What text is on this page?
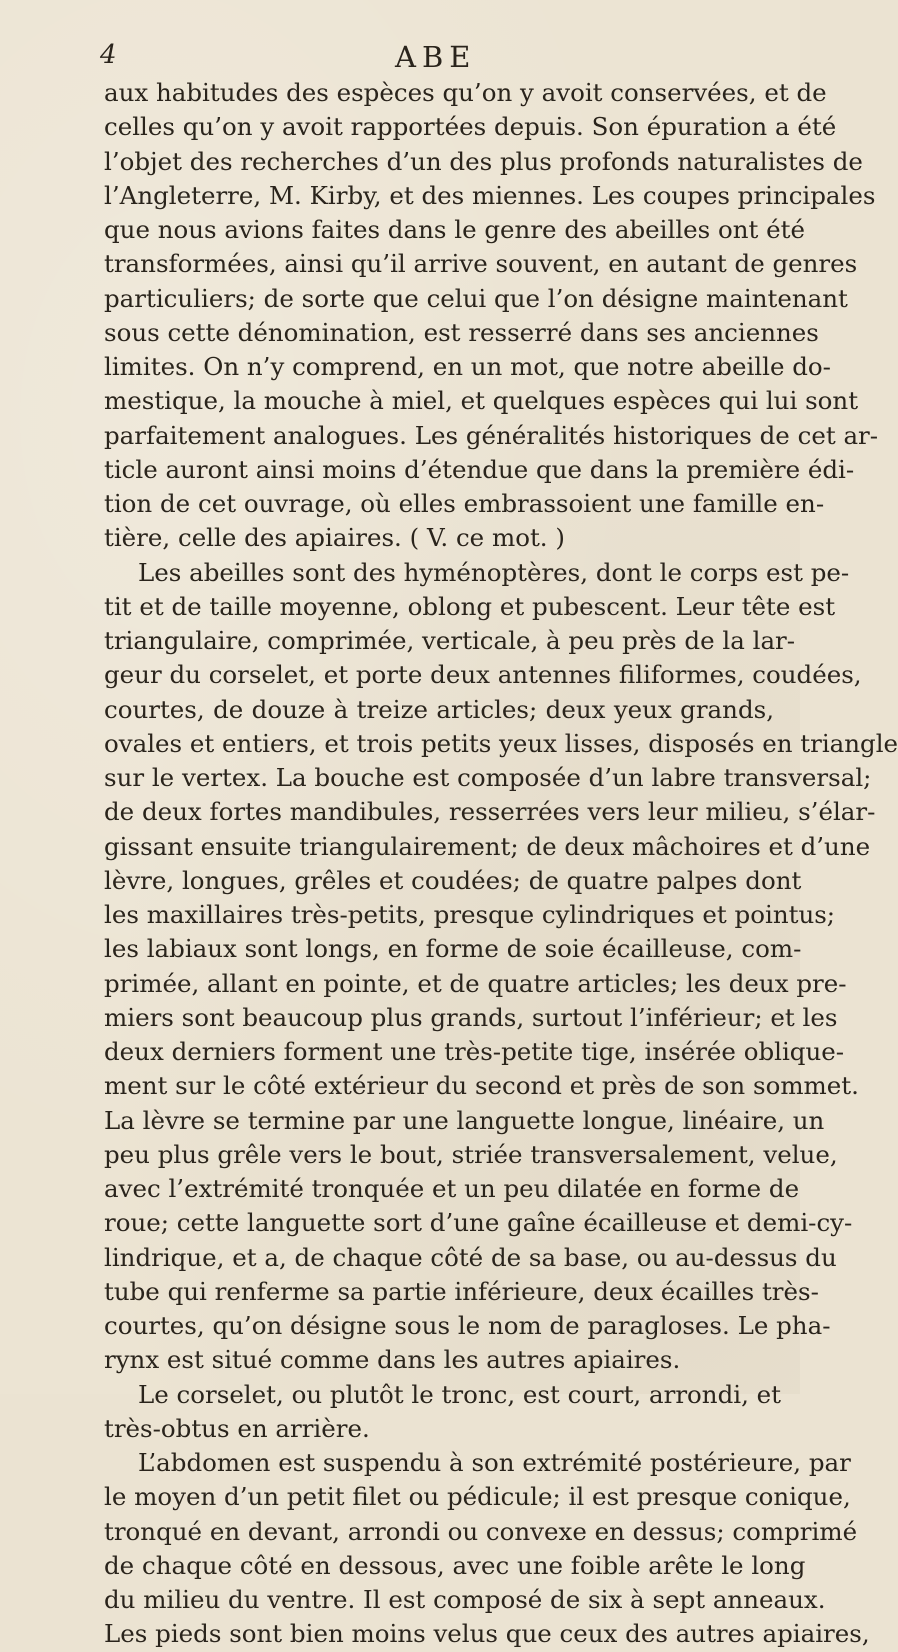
4	ABE
aux habitudes des espèces qu’on y avoit conservées, et de
celles qu’on y avoit rapportées depuis. Son épuration a été
l’objet des recherches d’un des plus profonds naturalistes de
l’Angleterre, M. Kirby, et des miennes. Les coupes principales
que nous avions faites dans le genre des abeilles ont été
transformées, ainsi qu’il arrive souvent, en autant de genres
particuliers; de sorte que celui que l’on désigne maintenant
sous cette dénomination, est resserré dans ses anciennes
limites. On n’y comprend, en un mot, que notre abeille do-
mestique, la mouche à miel, et quelques espèces qui lui sont
parfaitement analogues. Les généralités historiques de cet ar-
ticle auront ainsi moins d’étendue que dans la première édi-
tion de cet ouvrage, où elles embrassoient une famille en-
tière, celle des apiaires. ( V. ce mot. )
Les abeilles sont des hyménoptères, dont le corps est pe-
tit et de taille moyenne, oblong et pubescent. Leur tête est
triangulaire, comprimée, verticale, à peu près de la lar-
geur du corselet, et porte deux antennes filiformes, coudées,
courtes, de douze à treize articles; deux yeux grands,
ovales et entiers, et trois petits yeux lisses, disposés en triangle
sur le vertex. La bouche est composée d’un labre transversal;
de deux fortes mandibules, resserrées vers leur milieu, s’élar-
gissant ensuite triangulairement; de deux mâchoires et d’une
lèvre, longues, grêles et coudées; de quatre palpes dont
les maxillaires très-petits, presque cylindriques et pointus;
les labiaux sont longs, en forme de soie écailleuse, com-
primée, allant en pointe, et de quatre articles; les deux pre-
miers sont beaucoup plus grands, surtout l’inférieur; et les
deux derniers forment une très-petite tige, insérée oblique-
ment sur le côté extérieur du second et près de son sommet.
La lèvre se termine par une languette longue, linéaire, un
peu plus grêle vers le bout, striée transversalement, velue,
avec l’extrémité tronquée et un peu dilatée en forme de
roue; cette languette sort d’une gaîne écailleuse et demi-cy-
lindrique, et a, de chaque côté de sa base, ou au-dessus du
tube qui renferme sa partie inférieure, deux écailles très-
courtes, qu’on désigne sous le nom de paragloses. Le pha-
rynx est situé comme dans les autres apiaires.
Le corselet, ou plutôt le tronc, est court, arrondi, et
très-obtus en arrière.
L’abdomen est suspendu à son extrémité postérieure, par
le moyen d’un petit filet ou pédicule; il est presque conique,
tronqué en devant, arrondi ou convexe en dessus; comprimé
de chaque côté en dessous, avec une foible arête le long
du milieu du ventre. Il est composé de six à sept anneaux.
Les pieds sont bien moins velus que ceux des autres apiaires,
